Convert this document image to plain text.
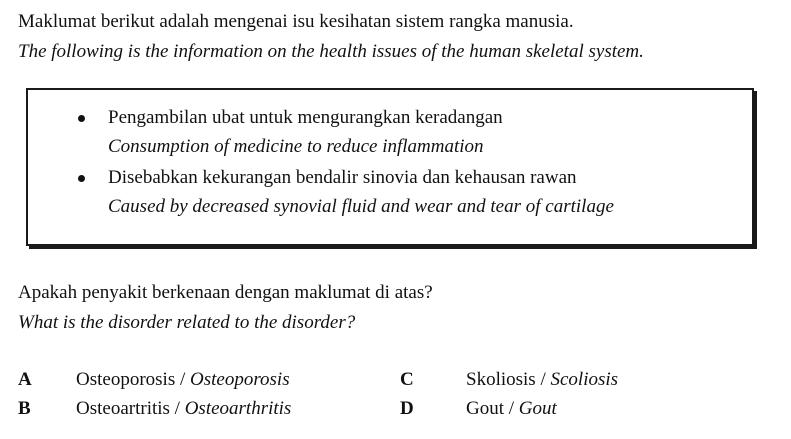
Maklumat berikut adalah mengenai isu kesihatan sistem rangka manusia.
The following is the information on the health issues of the human skeletal system.
Pengambilan ubat untuk mengurangkan keradangan
Consumption of medicine to reduce inflammation
Disebabkan kekurangan bendalir sinovia dan kehausan rawan
Caused by decreased synovial fluid and wear and tear of cartilage
Apakah penyakit berkenaan dengan maklumat di atas?
What is the disorder related to the disorder?
A Osteoporosis / Osteoporosis
B Osteoartritis / Osteoarthritis
C	Skoliosis / Scoliosis
D	Gout / Gout
